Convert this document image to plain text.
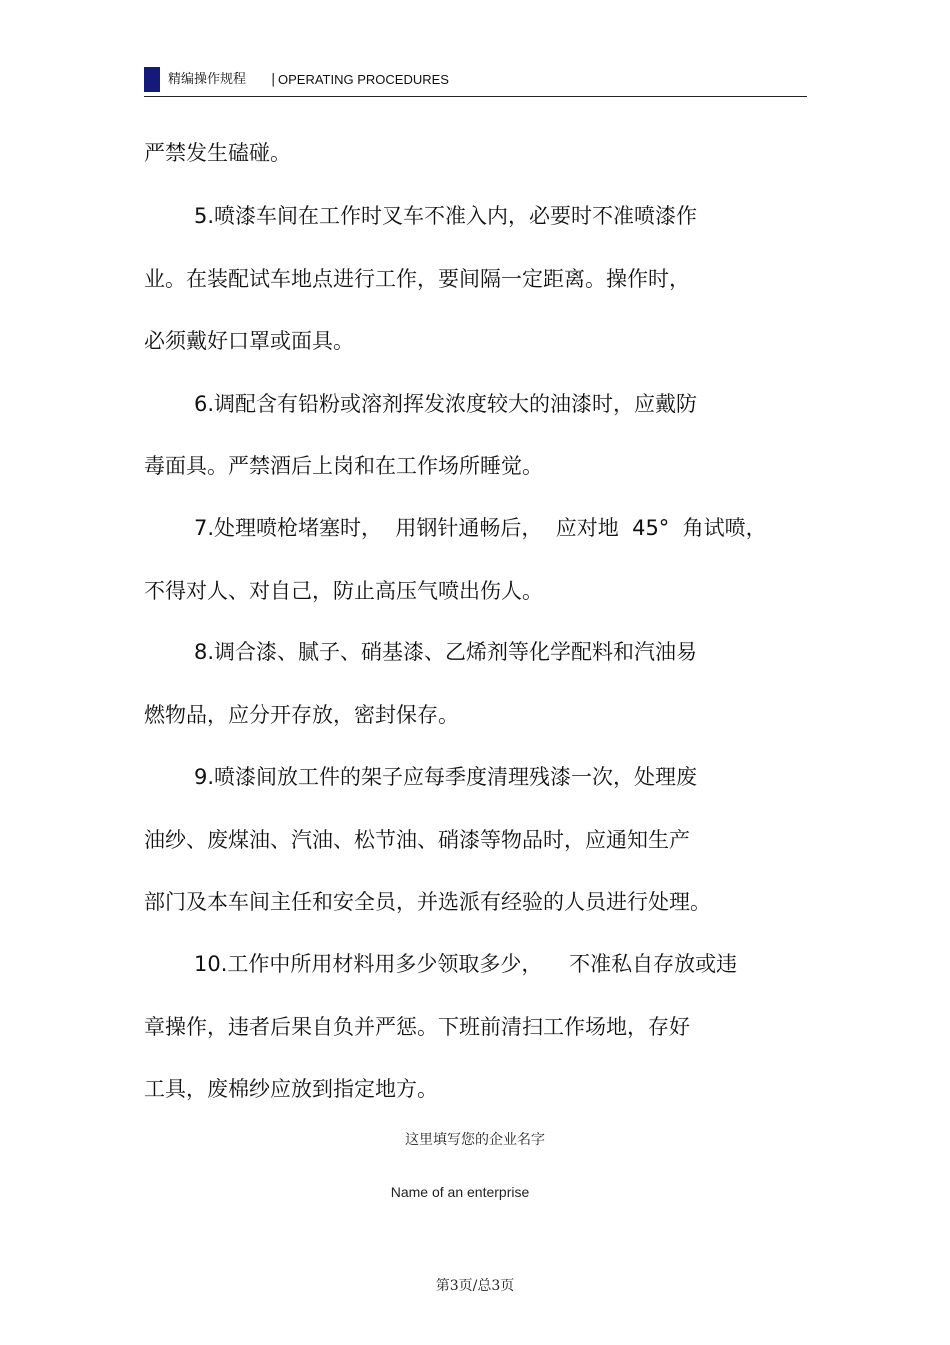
精编操作规程 | OPERATING PROCEDURES
严禁发生磕碰。
5.喷漆车间在工作时叉车不准入内，必要时不准喷漆作
业。在装配试车地点进行工作，要间隔一定距离。操作时，
必须戴好口罩或面具。
6.调配含有铅粉或溶剂挥发浓度较大的油漆时，应戴防
毒面具。严禁酒后上岗和在工作场所睡觉。
7.处理喷枪堵塞时，  用钢针通畅后，  应对地  45°  角试喷，
不得对人、对自己，防止高压气喷出伤人。
8.调合漆、腻子、硝基漆、乙烯剂等化学配料和汽油易
燃物品，应分开存放，密封保存。
9.喷漆间放工件的架子应每季度清理残漆一次，处理废
油纱、废煤油、汽油、松节油、硝漆等物品时，应通知生产
部门及本车间主任和安全员，并选派有经验的人员进行处理。
10.工作中所用材料用多少领取多少，    不准私自存放或违
章操作，违者后果自负并严惩。下班前清扫工作场地，存好
工具，废棉纱应放到指定地方。
这里填写您的企业名字
Name of an enterprise
第3页/总3页
